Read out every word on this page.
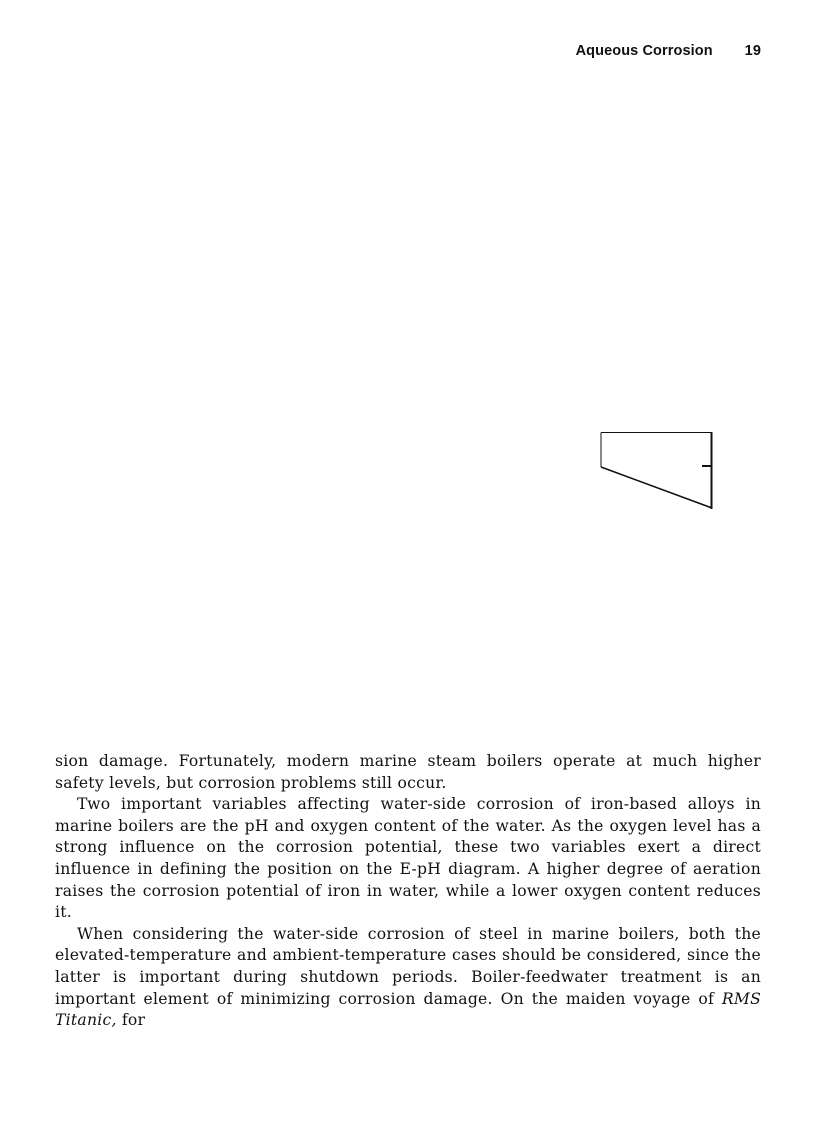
Aqueous Corrosion 19

sion damage. Fortunately, modern marine steam boilers operate at much higher safety levels, but corrosion problems still occur.

Two important variables affecting water-side corrosion of iron-based alloys in marine boilers are the pH and oxygen content of the water. As the oxygen level has a strong influence on the corrosion potential, these two variables exert a direct influence in defining the position on the E-pH diagram. A higher degree of aeration raises the corrosion potential of iron in water, while a lower oxygen content reduces it.

When considering the water-side corrosion of steel in marine boilers, both the elevated-temperature and ambient-temperature cases should be considered, since the latter is important during shutdown periods. Boiler-feedwater treatment is an important element of minimizing corrosion damage. On the maiden voyage of RMS Titanic, for
